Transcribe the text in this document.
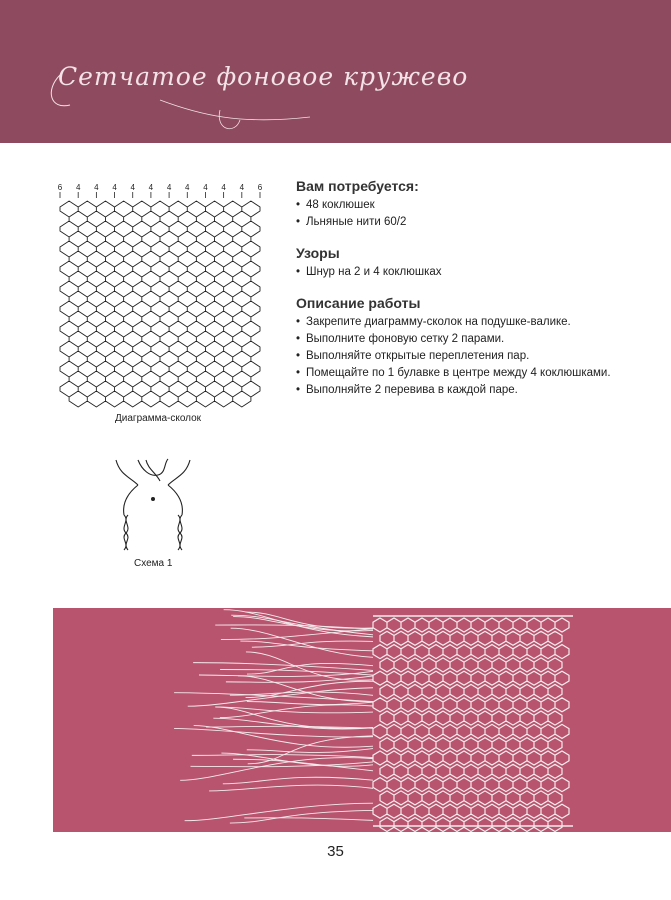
Сетчатое фоновое кружево
6 4 4 4 4 4 4 4 4 4 4 6
Диаграмма-сколок
Схема 1
Вам потребуется:
• 48 коклюшек
• Льняные нити 60/2
Узоры
• Шнур на 2 и 4 коклюшках
Описание работы
• Закрепите диаграмму-сколок на подушке-валике.
• Выполните фоновую сетку 2 парами.
• Выполняйте открытые переплетения пар.
• Помещайте по 1 булавке в центре между 4 коклюшками.
• Выполняйте 2 перевива в каждой паре.
35
